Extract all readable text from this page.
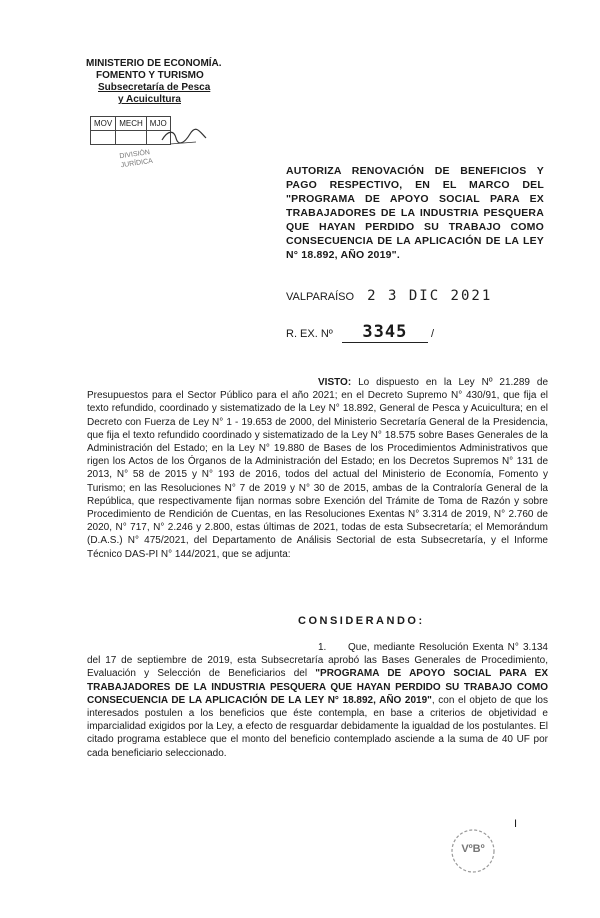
MINISTERIO DE ECONOMÍA.
FOMENTO Y TURISMO
Subsecretaría de Pesca
y Acuicultura
MOV	MECH	MJO

DIVISIÓN
JURÍDICA
AUTORIZA RENOVACIÓN DE BENEFICIOS Y PAGO RESPECTIVO, EN EL MARCO DEL "PROGRAMA DE APOYO SOCIAL PARA EX TRABAJADORES DE LA INDUSTRIA PESQUERA QUE HAYAN PERDIDO SU TRABAJO COMO CONSECUENCIA DE LA APLICACIÓN DE LA LEY N° 18.892, AÑO 2019".
VALPARAÍSO 2 3 DIC 2021
R. EX. Nº 3345 /
VISTO: Lo dispuesto en la Ley Nº 21.289 de Presupuestos para el Sector Público para el año 2021; en el Decreto Supremo N° 430/91, que fija el texto refundido, coordinado y sistematizado de la Ley N° 18.892, General de Pesca y Acuicultura; en el Decreto con Fuerza de Ley N° 1 - 19.653 de 2000, del Ministerio Secretaría General de la Presidencia, que fija el texto refundido coordinado y sistematizado de la Ley N° 18.575 sobre Bases Generales de la Administración del Estado; en la Ley N° 19.880 de Bases de los Procedimientos Administrativos que rigen los Actos de los Órganos de la Administración del Estado; en los Decretos Supremos N° 131 de 2013, N° 58 de 2015 y N° 193 de 2016, todos del actual del Ministerio de Economía, Fomento y Turismo; en las Resoluciones N° 7 de 2019 y N° 30 de 2015, ambas de la Contraloría General de la República, que respectivamente fijan normas sobre Exención del Trámite de Toma de Razón y sobre Procedimiento de Rendición de Cuentas, en las Resoluciones Exentas N° 3.314 de 2019, N° 2.760 de 2020, N° 717, N° 2.246 y 2.800, estas últimas de 2021, todas de esta Subsecretaría; el Memorándum (D.A.S.) N° 475/2021, del Departamento de Análisis Sectorial de esta Subsecretaría, y el Informe Técnico DAS-PI N° 144/2021, que se adjunta:
CONSIDERANDO:
1. Que, mediante Resolución Exenta N° 3.134 del 17 de septiembre de 2019, esta Subsecretaría aprobó las Bases Generales de Procedimiento, Evaluación y Selección de Beneficiarios del "PROGRAMA DE APOYO SOCIAL PARA EX TRABAJADORES DE LA INDUSTRIA PESQUERA QUE HAYAN PERDIDO SU TRABAJO COMO CONSECUENCIA DE LA APLICACIÓN DE LA LEY N° 18.892, AÑO 2019", con el objeto de que los interesados postulen a los beneficios que éste contempla, en base a criterios de objetividad e imparcialidad exigidos por la Ley, a efecto de resguardar debidamente la igualdad de los postulantes. El citado programa establece que el monto del beneficio contemplado asciende a la suma de 40 UF por cada beneficiario seleccionado.
I
VºBº
